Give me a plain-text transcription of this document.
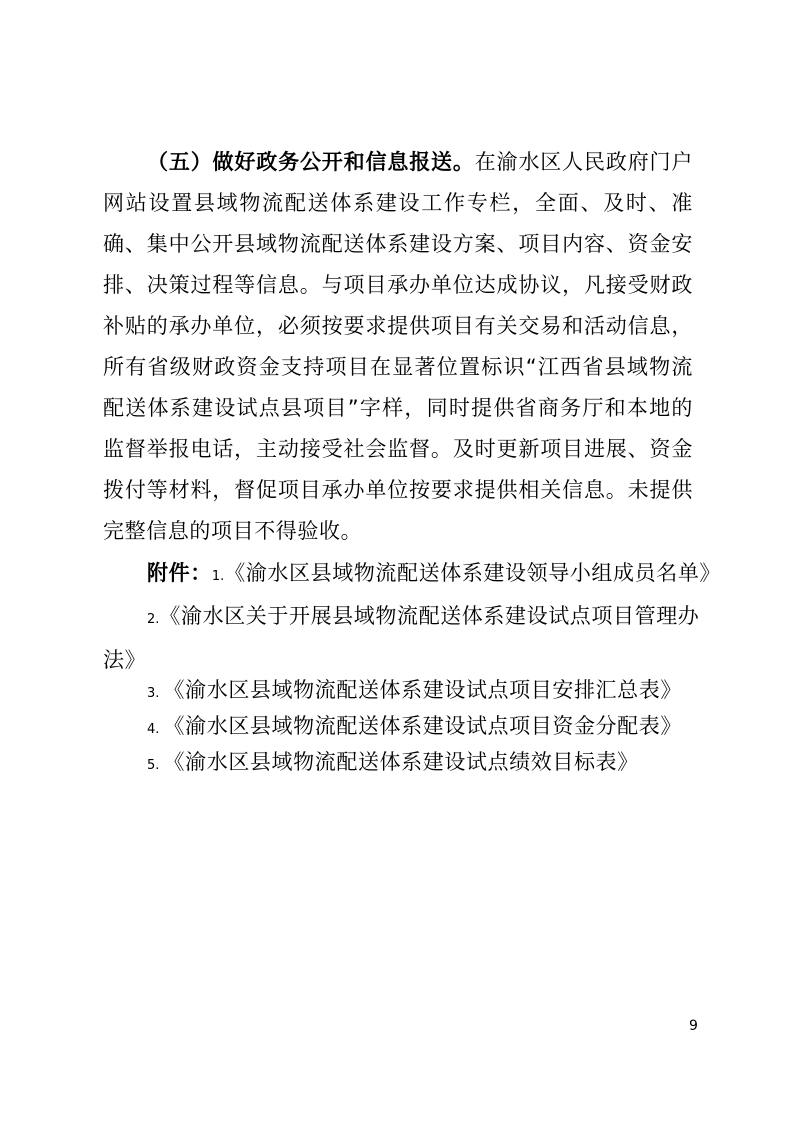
（五）做好政务公开和信息报送。在渝水区人民政府门户网站设置县域物流配送体系建设工作专栏，全面、及时、准确、集中公开县域物流配送体系建设方案、项目内容、资金安排、决策过程等信息。与项目承办单位达成协议，凡接受财政补贴的承办单位，必须按要求提供项目有关交易和活动信息，所有省级财政资金支持项目在显著位置标识“江西省县域物流配送体系建设试点县项目”字样，同时提供省商务厅和本地的监督举报电话，主动接受社会监督。及时更新项目进展、资金拨付等材料，督促项目承办单位按要求提供相关信息。未提供完整信息的项目不得验收。

附件：1.《渝水区县域物流配送体系建设领导小组成员名单》
2.《渝水区关于开展县域物流配送体系建设试点项目管理办法》
3. 《渝水区县域物流配送体系建设试点项目安排汇总表》
4. 《渝水区县域物流配送体系建设试点项目资金分配表》
5. 《渝水区县域物流配送体系建设试点绩效目标表》
9
